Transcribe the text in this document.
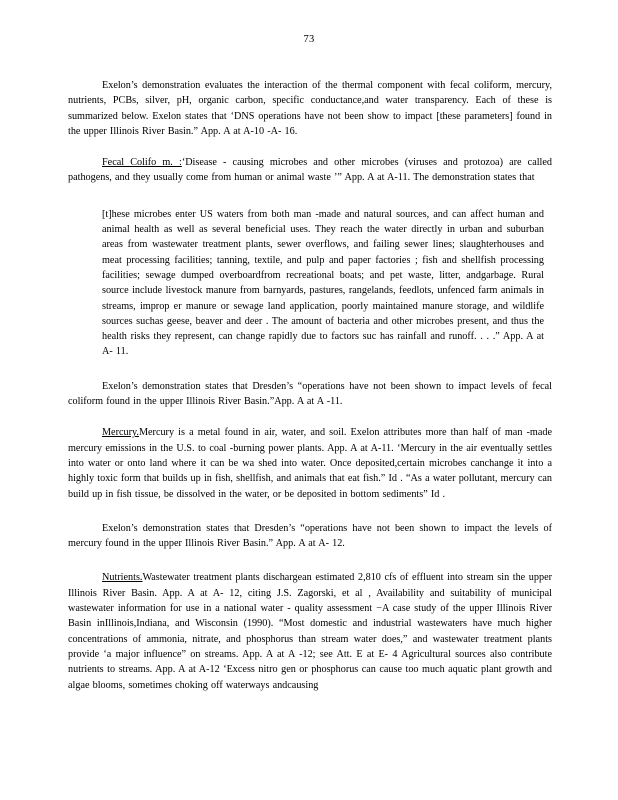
73

Exelon’s demonstration evaluates the interaction of the thermal component with fecal coliform, mercury, nutrients, PCBs, silver, pH, organic carbon, specific conductance,and water transparency. Each of these is summarized below. Exelon states that ‘DNS operations have not been show to impact [these parameters] found in the upper Illinois River Basin.” App. A at A-10 -A- 16.

Fecal Colifo m. :‘Disease - causing microbes and other microbes (viruses and protozoa) are called pathogens, and they usually come from human or animal waste ’” App. A at A-11. The demonstration states that

[t]hese microbes enter US waters from both man -made and natural sources, and can affect human and animal health as well as several beneficial uses. They reach the water directly in urban and suburban areas from wastewater treatment plants, sewer overflows, and failing sewer lines; slaughterhouses and meat processing facilities; tanning, textile, and pulp and paper factories ; fish and shellfish processing facilities; sewage dumped overboardfrom recreational boats; and pet waste, litter, andgarbage. Rural source include livestock manure from barnyards, pastures, rangelands, feedlots, unfenced farm animals in streams, improp er manure or sewage land application, poorly maintained manure storage, and wildlife sources suchas geese, beaver and deer . The amount of bacteria and other microbes present, and thus the health risks they represent, can change rapidly due to factors suc has rainfall and runoff. . . .” App. A at A- 11.

Exelon’s demonstration states that Dresden’s “operations have not been shown to impact levels of fecal coliform found in the upper Illinois River Basin.”App. A at A -11.

Mercury.Mercury is a metal found in air, water, and soil. Exelon attributes more than half of man -made mercury emissions in the U.S. to coal -burning power plants. App. A at A-11. ‘Mercury in the air eventually settles into water or onto land where it can be wa shed into water. Once deposited,certain microbes canchange it into a highly toxic form that builds up in fish, shellfish, and animals that eat fish.” Id . “As a water pollutant, mercury can build up in fish tissue, be dissolved in the water, or be deposited in bottom sediments” Id .

Exelon’s demonstration states that Dresden’s “operations have not been shown to impact the levels of mercury found in the upper Illinois River Basin.” App. A at A- 12.

Nutrients.Wastewater treatment plants dischargean estimated 2,810 cfs of effluent into stream sin the upper Illinois River Basin. App. A at A- 12, citing J.S. Zagorski, et al , Availability and suitability of municipal wastewater information for use in a national water - quality assessment −A case study of the upper Illinois River Basin inIllinois,Indiana, and Wisconsin (1990). “Most domestic and industrial wastewaters have much higher concentrations of ammonia, nitrate, and phosphorus than stream water does,” and wastewater treatment plants provide ‘a major influence” on streams. App. A at A -12; see Att. E at E- 4 Agricultural sources also contribute nutrients to streams. App. A at A-12 ‘Excess nitro gen or phosphorus can cause too much aquatic plant growth and algae blooms, sometimes choking off waterways andcausing
